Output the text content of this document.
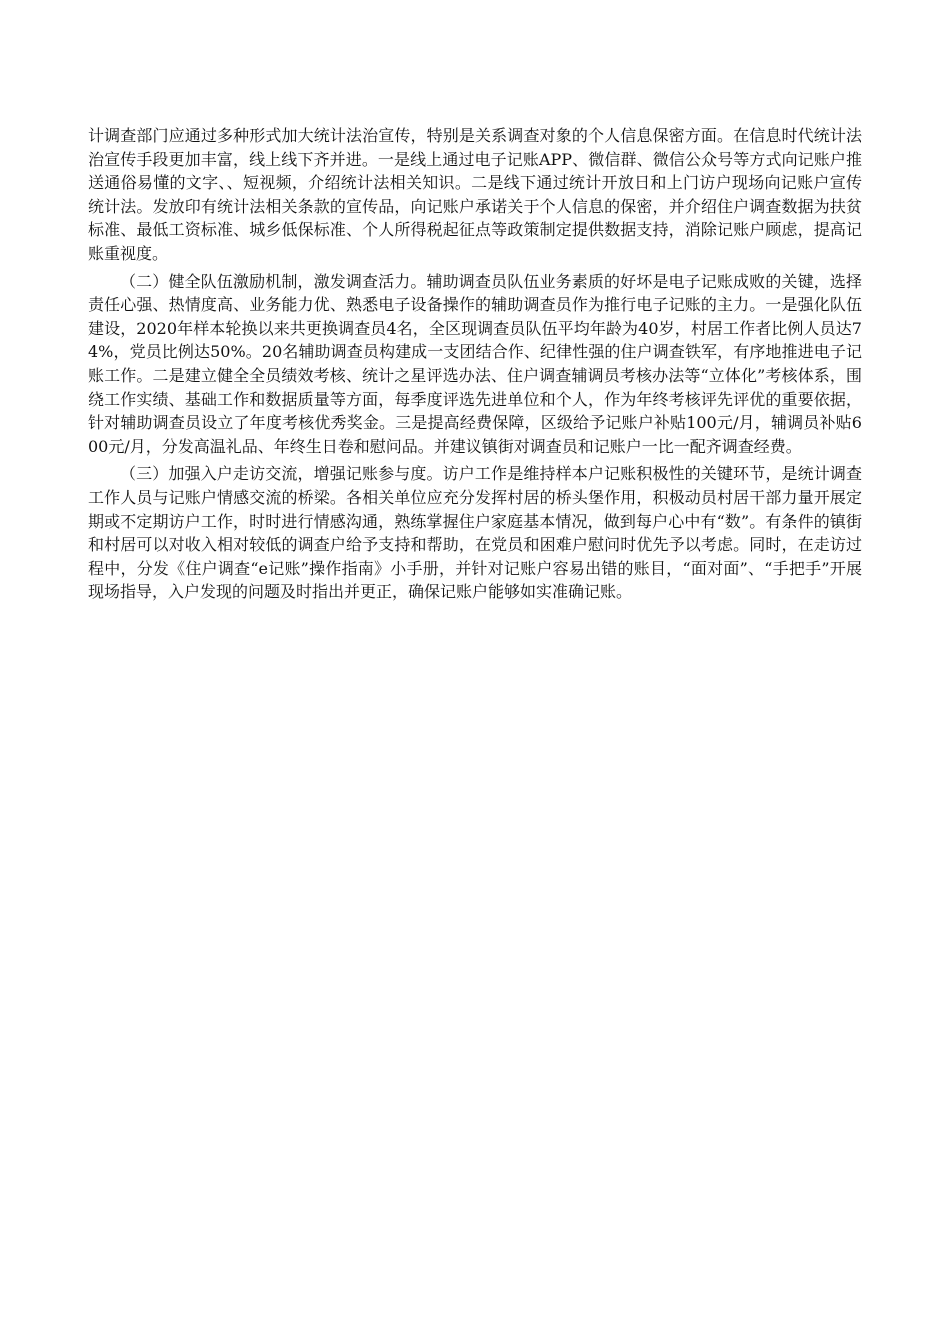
计调查部门应通过多种形式加大统计法治宣传，特别是关系调查对象的个人信息保密方面。在信息时代统计法治宣传手段更加丰富，线上线下齐并进。一是线上通过电子记账APP、微信群、微信公众号等方式向记账户推送通俗易懂的文字、、短视频，介绍统计法相关知识。二是线下通过统计开放日和上门访户现场向记账户宣传统计法。发放印有统计法相关条款的宣传品，向记账户承诺关于个人信息的保密，并介绍住户调查数据为扶贫标准、最低工资标准、城乡低保标准、个人所得税起征点等政策制定提供数据支持，消除记账户顾虑，提高记账重视度。

（二）健全队伍激励机制，激发调查活力。辅助调查员队伍业务素质的好坏是电子记账成败的关键，选择责任心强、热情度高、业务能力优、熟悉电子设备操作的辅助调查员作为推行电子记账的主力。一是强化队伍建设，2020年样本轮换以来共更换调查员4名，全区现调查员队伍平均年龄为40岁，村居工作者比例人员达74%，党员比例达50%。20名辅助调查员构建成一支团结合作、纪律性强的住户调查铁军，有序地推进电子记账工作。二是建立健全全员绩效考核、统计之星评选办法、住户调查辅调员考核办法等“立体化”考核体系，围绕工作实绩、基础工作和数据质量等方面，每季度评选先进单位和个人，作为年终考核评先评优的重要依据，针对辅助调查员设立了年度考核优秀奖金。三是提高经费保障，区级给予记账户补贴100元/月，辅调员补贴600元/月，分发高温礼品、年终生日卷和慰问品。并建议镇街对调查员和记账户一比一配齐调查经费。

（三）加强入户走访交流，增强记账参与度。访户工作是维持样本户记账积极性的关键环节，是统计调查工作人员与记账户情感交流的桥梁。各相关单位应充分发挥村居的桥头堡作用，积极动员村居干部力量开展定期或不定期访户工作，时时进行情感沟通，熟练掌握住户家庭基本情况，做到每户心中有“数”。有条件的镇街和村居可以对收入相对较低的调查户给予支持和帮助，在党员和困难户慰问时优先予以考虑。同时，在走访过程中，分发《住户调查“e记账”操作指南》小手册，并针对记账户容易出错的账目，“面对面”、“手把手”开展现场指导，入户发现的问题及时指出并更正，确保记账户能够如实准确记账。
